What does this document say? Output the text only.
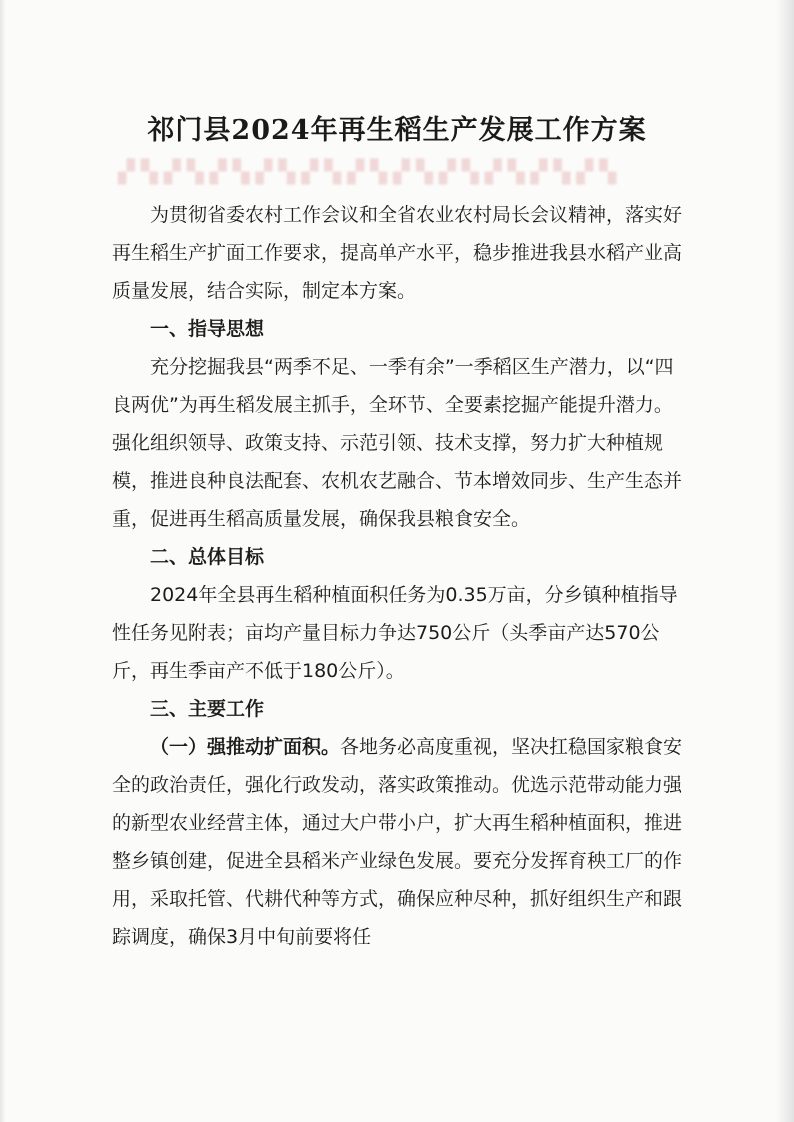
祁门县2024年再生稻生产发展工作方案
▞▚▞▚▞▚▞▚▞▚▞▚▞▚▞▚▞▚▞▚▞▚

为贯彻省委农村工作会议和全省农业农村局长会议精神，落实好再生稻生产扩面工作要求，提高单产水平，稳步推进我县水稻产业高质量发展，结合实际，制定本方案。

一、指导思想

充分挖掘我县“两季不足、一季有余”一季稻区生产潜力，以“四良两优”为再生稻发展主抓手，全环节、全要素挖掘产能提升潜力。强化组织领导、政策支持、示范引领、技术支撑，努力扩大种植规模，推进良种良法配套、农机农艺融合、节本增效同步、生产生态并重，促进再生稻高质量发展，确保我县粮食安全。

二、总体目标

2024年全县再生稻种植面积任务为0.35万亩，分乡镇种植指导性任务见附表；亩均产量目标力争达750公斤（头季亩产达570公斤，再生季亩产不低于180公斤）。

三、主要工作

（一）强推动扩面积。各地务必高度重视，坚决扛稳国家粮食安全的政治责任，强化行政发动，落实政策推动。优选示范带动能力强的新型农业经营主体，通过大户带小户，扩大再生稻种植面积，推进整乡镇创建，促进全县稻米产业绿色发展。要充分发挥育秧工厂的作用，采取托管、代耕代种等方式，确保应种尽种，抓好组织生产和跟踪调度，确保3月中旬前要将任
